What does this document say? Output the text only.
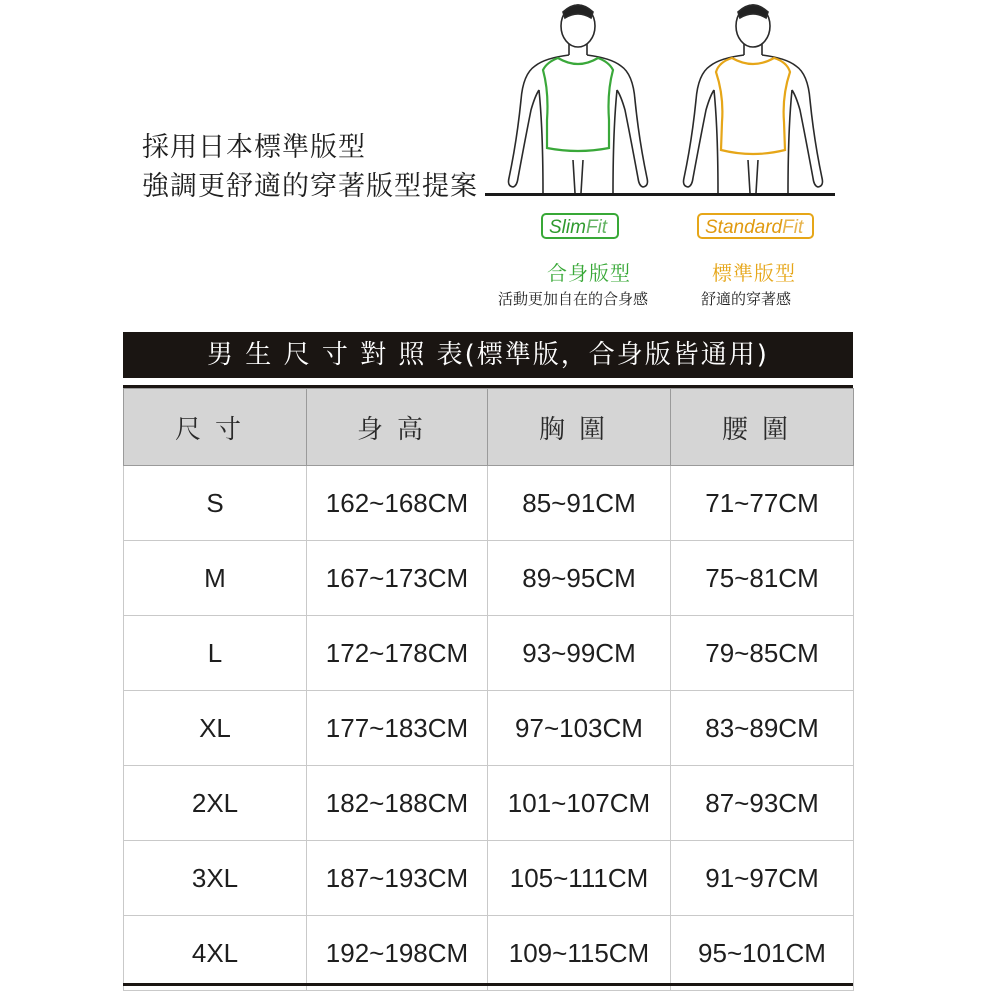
採用日本標準版型
強調更舒適的穿著版型提案
SlimFit	StandardFit
合身版型	標準版型
活動更加自在的合身感	舒適的穿著感
男 生 尺 寸 對 照 表(標準版，合身版皆通用)
尺寸	身高	胸圍	腰圍
S	162~168CM	85~91CM	71~77CM
M	167~173CM	89~95CM	75~81CM
L	172~178CM	93~99CM	79~85CM
XL	177~183CM	97~103CM	83~89CM
2XL	182~188CM	101~107CM	87~93CM
3XL	187~193CM	105~111CM	91~97CM
4XL	192~198CM	109~115CM	95~101CM
